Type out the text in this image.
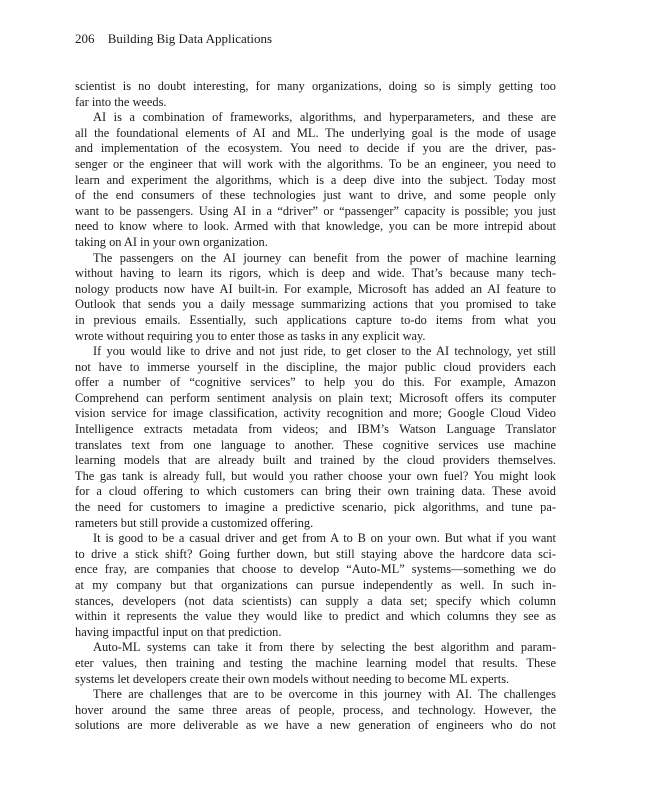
206 Building Big Data Applications
scientist is no doubt interesting, for many organizations, doing so is simply getting too
far into the weeds.
AI is a combination of frameworks, algorithms, and hyperparameters, and these are
all the foundational elements of AI and ML. The underlying goal is the mode of usage
and implementation of the ecosystem. You need to decide if you are the driver, pas-
senger or the engineer that will work with the algorithms. To be an engineer, you need to
learn and experiment the algorithms, which is a deep dive into the subject. Today most
of the end consumers of these technologies just want to drive, and some people only
want to be passengers. Using AI in a “driver” or “passenger” capacity is possible; you just
need to know where to look. Armed with that knowledge, you can be more intrepid about
taking on AI in your own organization.
The passengers on the AI journey can benefit from the power of machine learning
without having to learn its rigors, which is deep and wide. That’s because many tech-
nology products now have AI built-in. For example, Microsoft has added an AI feature to
Outlook that sends you a daily message summarizing actions that you promised to take
in previous emails. Essentially, such applications capture to-do items from what you
wrote without requiring you to enter those as tasks in any explicit way.
If you would like to drive and not just ride, to get closer to the AI technology, yet still
not have to immerse yourself in the discipline, the major public cloud providers each
offer a number of “cognitive services” to help you do this. For example, Amazon
Comprehend can perform sentiment analysis on plain text; Microsoft offers its computer
vision service for image classification, activity recognition and more; Google Cloud Video
Intelligence extracts metadata from videos; and IBM’s Watson Language Translator
translates text from one language to another. These cognitive services use machine
learning models that are already built and trained by the cloud providers themselves.
The gas tank is already full, but would you rather choose your own fuel? You might look
for a cloud offering to which customers can bring their own training data. These avoid
the need for customers to imagine a predictive scenario, pick algorithms, and tune pa-
rameters but still provide a customized offering.
It is good to be a casual driver and get from A to B on your own. But what if you want
to drive a stick shift? Going further down, but still staying above the hardcore data sci-
ence fray, are companies that choose to develop “Auto-ML” systems—something we do
at my company but that organizations can pursue independently as well. In such in-
stances, developers (not data scientists) can supply a data set; specify which column
within it represents the value they would like to predict and which columns they see as
having impactful input on that prediction.
Auto-ML systems can take it from there by selecting the best algorithm and param-
eter values, then training and testing the machine learning model that results. These
systems let developers create their own models without needing to become ML experts.
There are challenges that are to be overcome in this journey with AI. The challenges
hover around the same three areas of people, process, and technology. However, the
solutions are more deliverable as we have a new generation of engineers who do not
